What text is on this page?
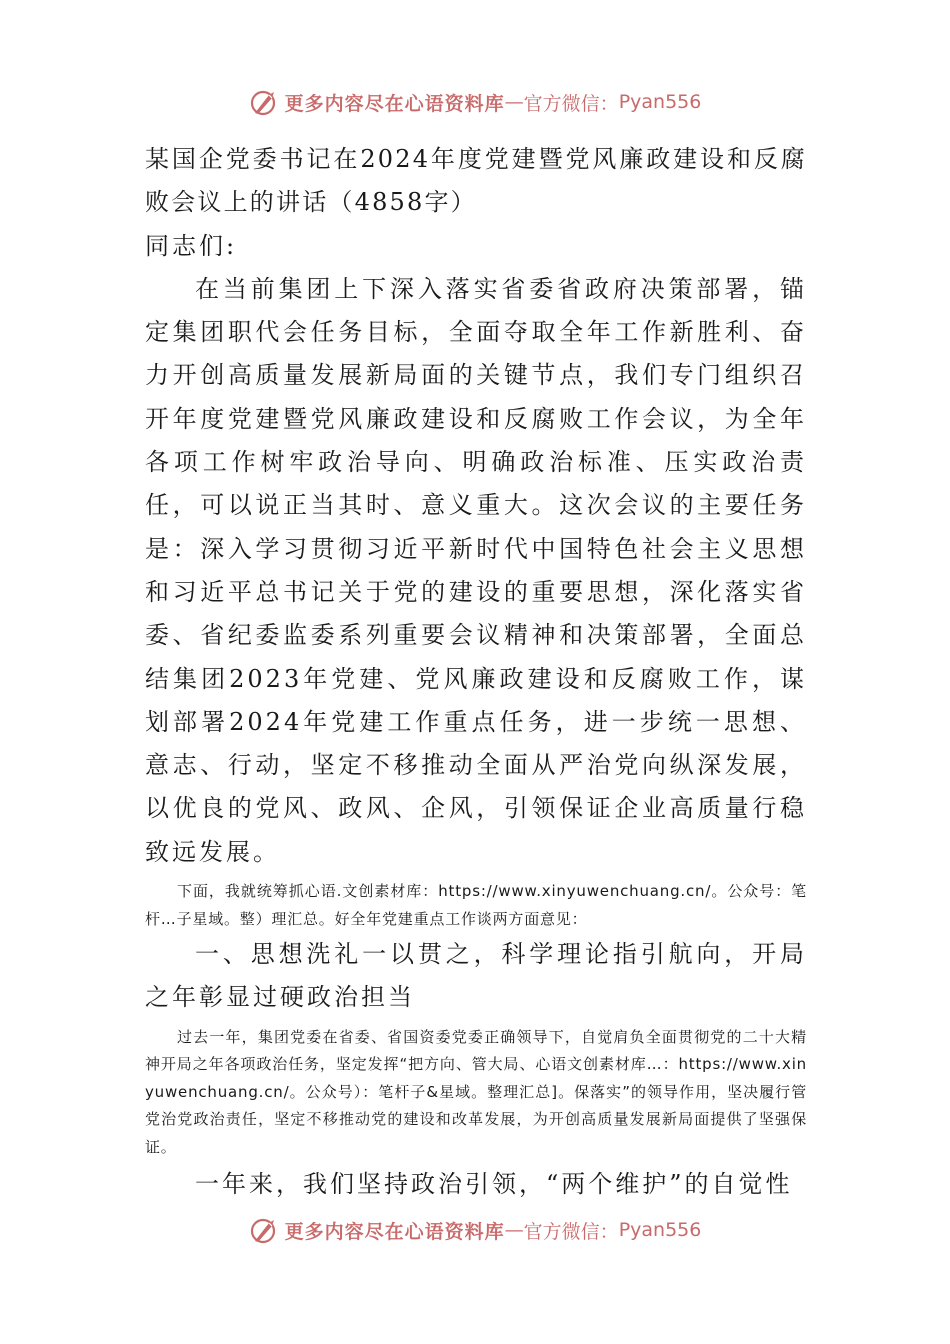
更多内容尽在心语资料库 — 官方微信： Pyan556

某国企党委书记在2024年度党建暨党风廉政建设和反腐败会议上的讲话（4858字）

同志们:

在当前集团上下深入落实省委省政府决策部署，锚定集团职代会任务目标，全面夺取全年工作新胜利、奋力开创高质量发展新局面的关键节点，我们专门组织召开年度党建暨党风廉政建设和反腐败工作会议，为全年各项工作树牢政治导向、明确政治标准、压实政治责任，可以说正当其时、意义重大。这次会议的主要任务是：深入学习贯彻习近平新时代中国特色社会主义思想和习近平总书记关于党的建设的重要思想，深化落实省委、省纪委监委系列重要会议精神和决策部署，全面总结集团2023年党建、党风廉政建设和反腐败工作，谋划部署2024年党建工作重点任务，进一步统一思想、意志、行动，坚定不移推动全面从严治党向纵深发展，以优良的党风、政风、企风，引领保证企业高质量行稳致远发展。

下面，我就统筹抓心语.文创素材库：https://www.xinyuwenchuang.cn/。公众号：笔杆…子星域。整）理汇总。好全年党建重点工作谈两方面意见：

一、思想洗礼一以贯之，科学理论指引航向，开局之年彰显过硬政治担当

过去一年，集团党委在省委、省国资委党委正确领导下，自觉肩负全面贯彻党的二十大精神开局之年各项政治任务，坚定发挥“把方向、管大局、心语文创素材库…：https://www.xinyuwenchuang.cn/。公众号）：笔杆子&星域。整理汇总]。保落实”的领导作用，坚决履行管党治党政治责任，坚定不移推动党的建设和改革发展，为开创高质量发展新局面提供了坚强保证。

一年来，我们坚持政治引领，“两个维护”的自觉性

更多内容尽在心语资料库 — 官方微信： Pyan556
